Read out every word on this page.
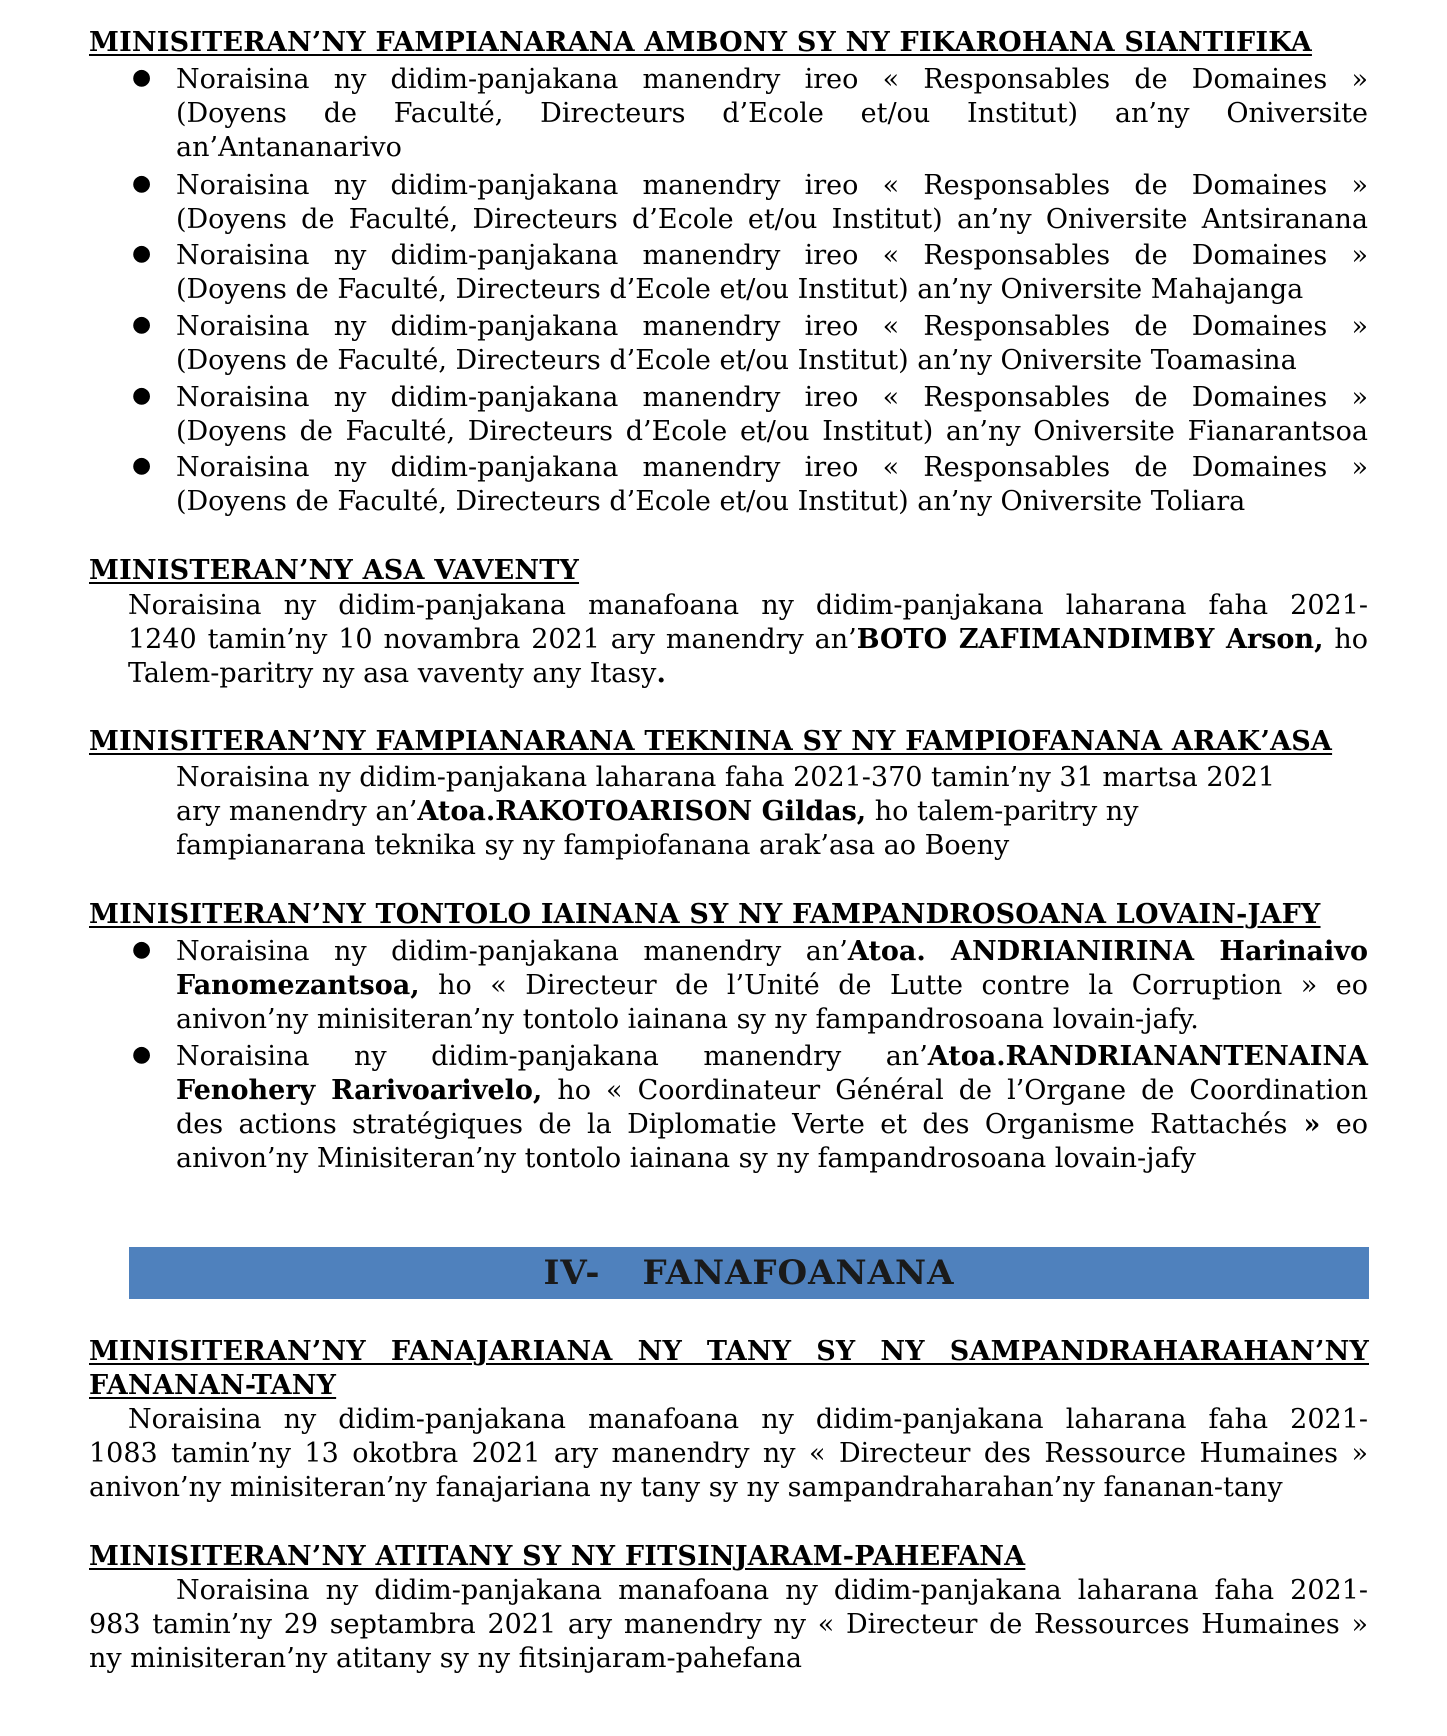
MINISITERAN’NY FAMPIANARANA AMBONY SY NY FIKAROHANA SIANTIFIKA
● Noraisina ny didim-panjakana manendry ireo « Responsables de Domaines »
(Doyens de Faculté, Directeurs d’Ecole et/ou Institut) an’ny Oniversite
an’Antananarivo
● Noraisina ny didim-panjakana manendry ireo « Responsables de Domaines »
(Doyens de Faculté, Directeurs d’Ecole et/ou Institut) an’ny Oniversite Antsiranana
● Noraisina ny didim-panjakana manendry ireo « Responsables de Domaines »
(Doyens de Faculté, Directeurs d’Ecole et/ou Institut) an’ny Oniversite Mahajanga
● Noraisina ny didim-panjakana manendry ireo « Responsables de Domaines »
(Doyens de Faculté, Directeurs d’Ecole et/ou Institut) an’ny Oniversite Toamasina
● Noraisina ny didim-panjakana manendry ireo « Responsables de Domaines »
(Doyens de Faculté, Directeurs d’Ecole et/ou Institut) an’ny Oniversite Fianarantsoa
● Noraisina ny didim-panjakana manendry ireo « Responsables de Domaines »
(Doyens de Faculté, Directeurs d’Ecole et/ou Institut) an’ny Oniversite Toliara
MINISTERAN’NY ASA VAVENTY
Noraisina ny didim-panjakana manafoana ny didim-panjakana laharana faha 2021-
1240 tamin’ny 10 novambra 2021 ary manendry an’BOTO ZAFIMANDIMBY Arson, ho
Talem-paritry ny asa vaventy any Itasy.
MINISITERAN’NY FAMPIANARANA TEKNINA SY NY FAMPIOFANANA ARAK’ASA
Noraisina ny didim-panjakana laharana faha 2021-370 tamin’ny 31 martsa 2021
ary manendry an’Atoa.RAKOTOARISON Gildas, ho talem-paritry ny
fampianarana teknika sy ny fampiofanana arak’asa ao Boeny
MINISITERAN’NY TONTOLO IAINANA SY NY FAMPANDROSOANA LOVAIN-JAFY
● Noraisina ny didim-panjakana manendry an’Atoa. ANDRIANIRINA Harinaivo
Fanomezantsoa, ho « Directeur de l’Unité de Lutte contre la Corruption » eo
anivon’ny minisiteran’ny tontolo iainana sy ny fampandrosoana lovain-jafy.
● Noraisina ny didim-panjakana manendry an’Atoa.RANDRIANANTENAINA
Fenohery Rarivoarivelo, ho « Coordinateur Général de l’Organe de Coordination
des actions stratégiques de la Diplomatie Verte et des Organisme Rattachés » eo
anivon’ny Minisiteran’ny tontolo iainana sy ny fampandrosoana lovain-jafy
IV- FANAFOANANA
MINISITERAN’NY FANAJARIANA NY TANY SY NY SAMPANDRAHARAHAN’NY
FANANAN-TANY
Noraisina ny didim-panjakana manafoana ny didim-panjakana laharana faha 2021-
1083 tamin’ny 13 okotbra 2021 ary manendry ny « Directeur des Ressource Humaines »
anivon’ny minisiteran’ny fanajariana ny tany sy ny sampandraharahan’ny fananan-tany
MINISITERAN’NY ATITANY SY NY FITSINJARAM-PAHEFANA
Noraisina ny didim-panjakana manafoana ny didim-panjakana laharana faha 2021-
983 tamin’ny 29 septambra 2021 ary manendry ny « Directeur de Ressources Humaines »
ny minisiteran’ny atitany sy ny fitsinjaram-pahefana
